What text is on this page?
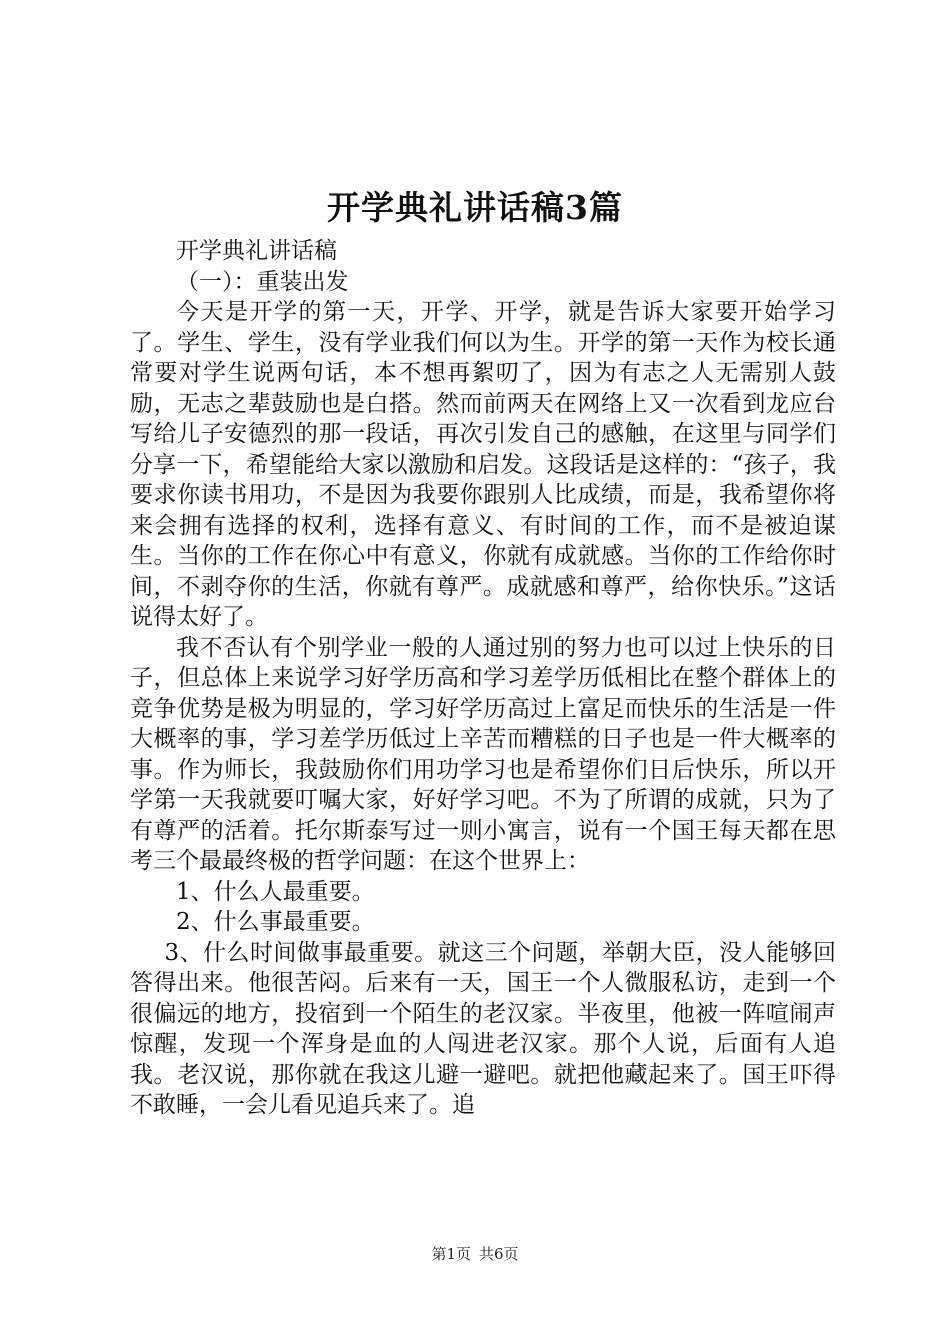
开学典礼讲话稿3篇

开学典礼讲话稿

（一）：重装出发

今天是开学的第一天，开学、开学，就是告诉大家要开始学习了。学生、学生，没有学业我们何以为生。开学的第一天作为校长通常要对学生说两句话，本不想再絮叨了，因为有志之人无需别人鼓励，无志之辈鼓励也是白搭。然而前两天在网络上又一次看到龙应台写给儿子安德烈的那一段话，再次引发自己的感触，在这里与同学们分享一下，希望能给大家以激励和启发。这段话是这样的：“孩子，我要求你读书用功，不是因为我要你跟别人比成绩，而是，我希望你将来会拥有选择的权利，选择有意义、有时间的工作，而不是被迫谋生。当你的工作在你心中有意义，你就有成就感。当你的工作给你时间，不剥夺你的生活，你就有尊严。成就感和尊严，给你快乐。”这话说得太好了。

我不否认有个别学业一般的人通过别的努力也可以过上快乐的日子，但总体上来说学习好学历高和学习差学历低相比在整个群体上的竞争优势是极为明显的，学习好学历高过上富足而快乐的生活是一件大概率的事，学习差学历低过上辛苦而糟糕的日子也是一件大概率的事。作为师长，我鼓励你们用功学习也是希望你们日后快乐，所以开学第一天我就要叮嘱大家，好好学习吧。不为了所谓的成就，只为了有尊严的活着。托尔斯泰写过一则小寓言，说有一个国王每天都在思考三个最最终极的哲学问题：在这个世界上：

1、什么人最重要。

2、什么事最重要。

3、什么时间做事最重要。就这三个问题，举朝大臣，没人能够回答得出来。他很苦闷。后来有一天，国王一个人微服私访，走到一个很偏远的地方，投宿到一个陌生的老汉家。半夜里，他被一阵喧闹声惊醒，发现一个浑身是血的人闯进老汉家。那个人说，后面有人追我。老汉说，那你就在我这儿避一避吧。就把他藏起来了。国王吓得不敢睡，一会儿看见追兵来了。追

第1页 共6页
